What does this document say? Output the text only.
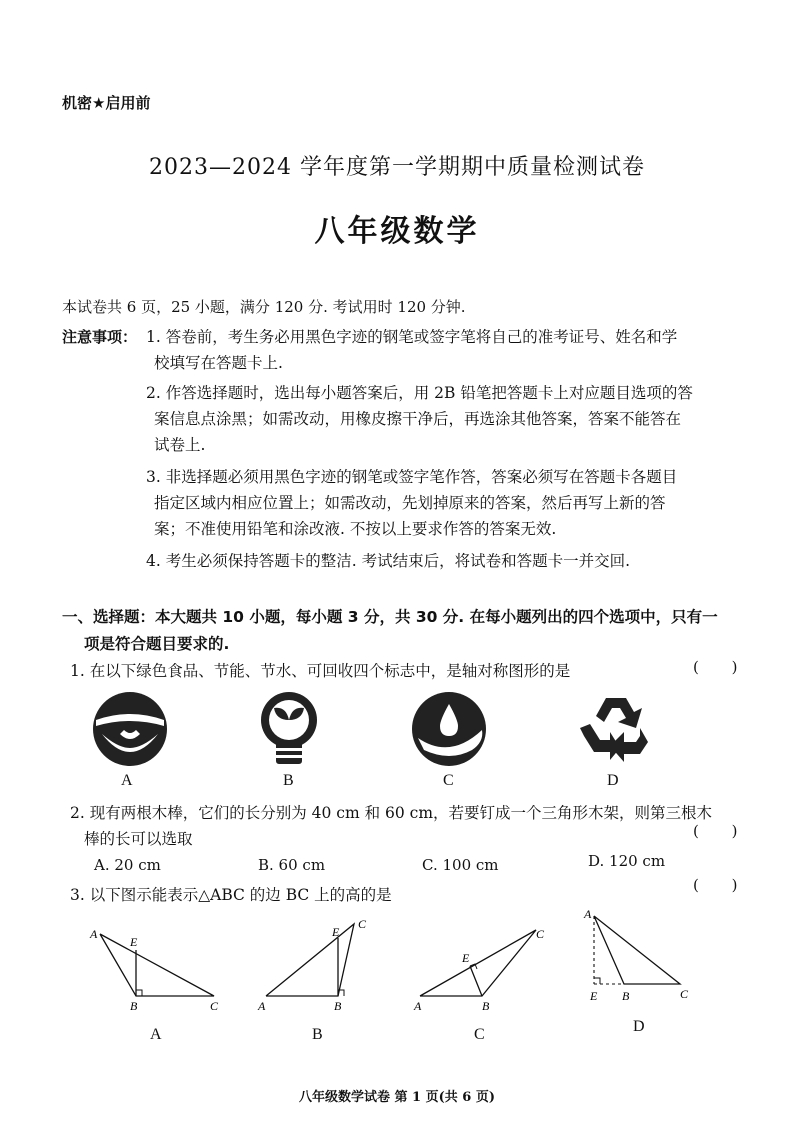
机密★启用前
2023—2024 学年度第一学期期中质量检测试卷
八年级数学
本试卷共 6 页，25 小题，满分 120 分. 考试用时 120 分钟.
注意事项： 1. 答卷前，考生务必用黑色字迹的钢笔或签字笔将自己的准考证号、姓名和学
校填写在答题卡上.
2. 作答选择题时，选出每小题答案后，用 2B 铅笔把答题卡上对应题目选项的答
案信息点涂黑；如需改动，用橡皮擦干净后，再选涂其他答案，答案不能答在
试卷上.
3. 非选择题必须用黑色字迹的钢笔或签字笔作答，答案必须写在答题卡各题目
指定区域内相应位置上；如需改动，先划掉原来的答案，然后再写上新的答
案；不准使用铅笔和涂改液. 不按以上要求作答的答案无效.
4. 考生必须保持答题卡的整洁. 考试结束后，将试卷和答题卡一并交回.
一、选择题：本大题共 10 小题，每小题 3 分，共 30 分. 在每小题列出的四个选项中，只有一
项是符合题目要求的.
1. 在以下绿色食品、节能、节水、可回收四个标志中，是轴对称图形的是	( )
A	B	C	D
2. 现有两根木棒，它们的长分别为 40 cm 和 60 cm，若要钉成一个三角形木架，则第三根木
棒的长可以选取	( )
A. 20 cm	B. 60 cm	C. 100 cm	D. 120 cm
3. 以下图示能表示△ABC 的边 BC 上的高的是
( )
A
E
B	C	A
E
B
C
A
E
B
C
A
E B	C
A	B	C	D
八年级数学试卷 第 1 页(共 6 页)
